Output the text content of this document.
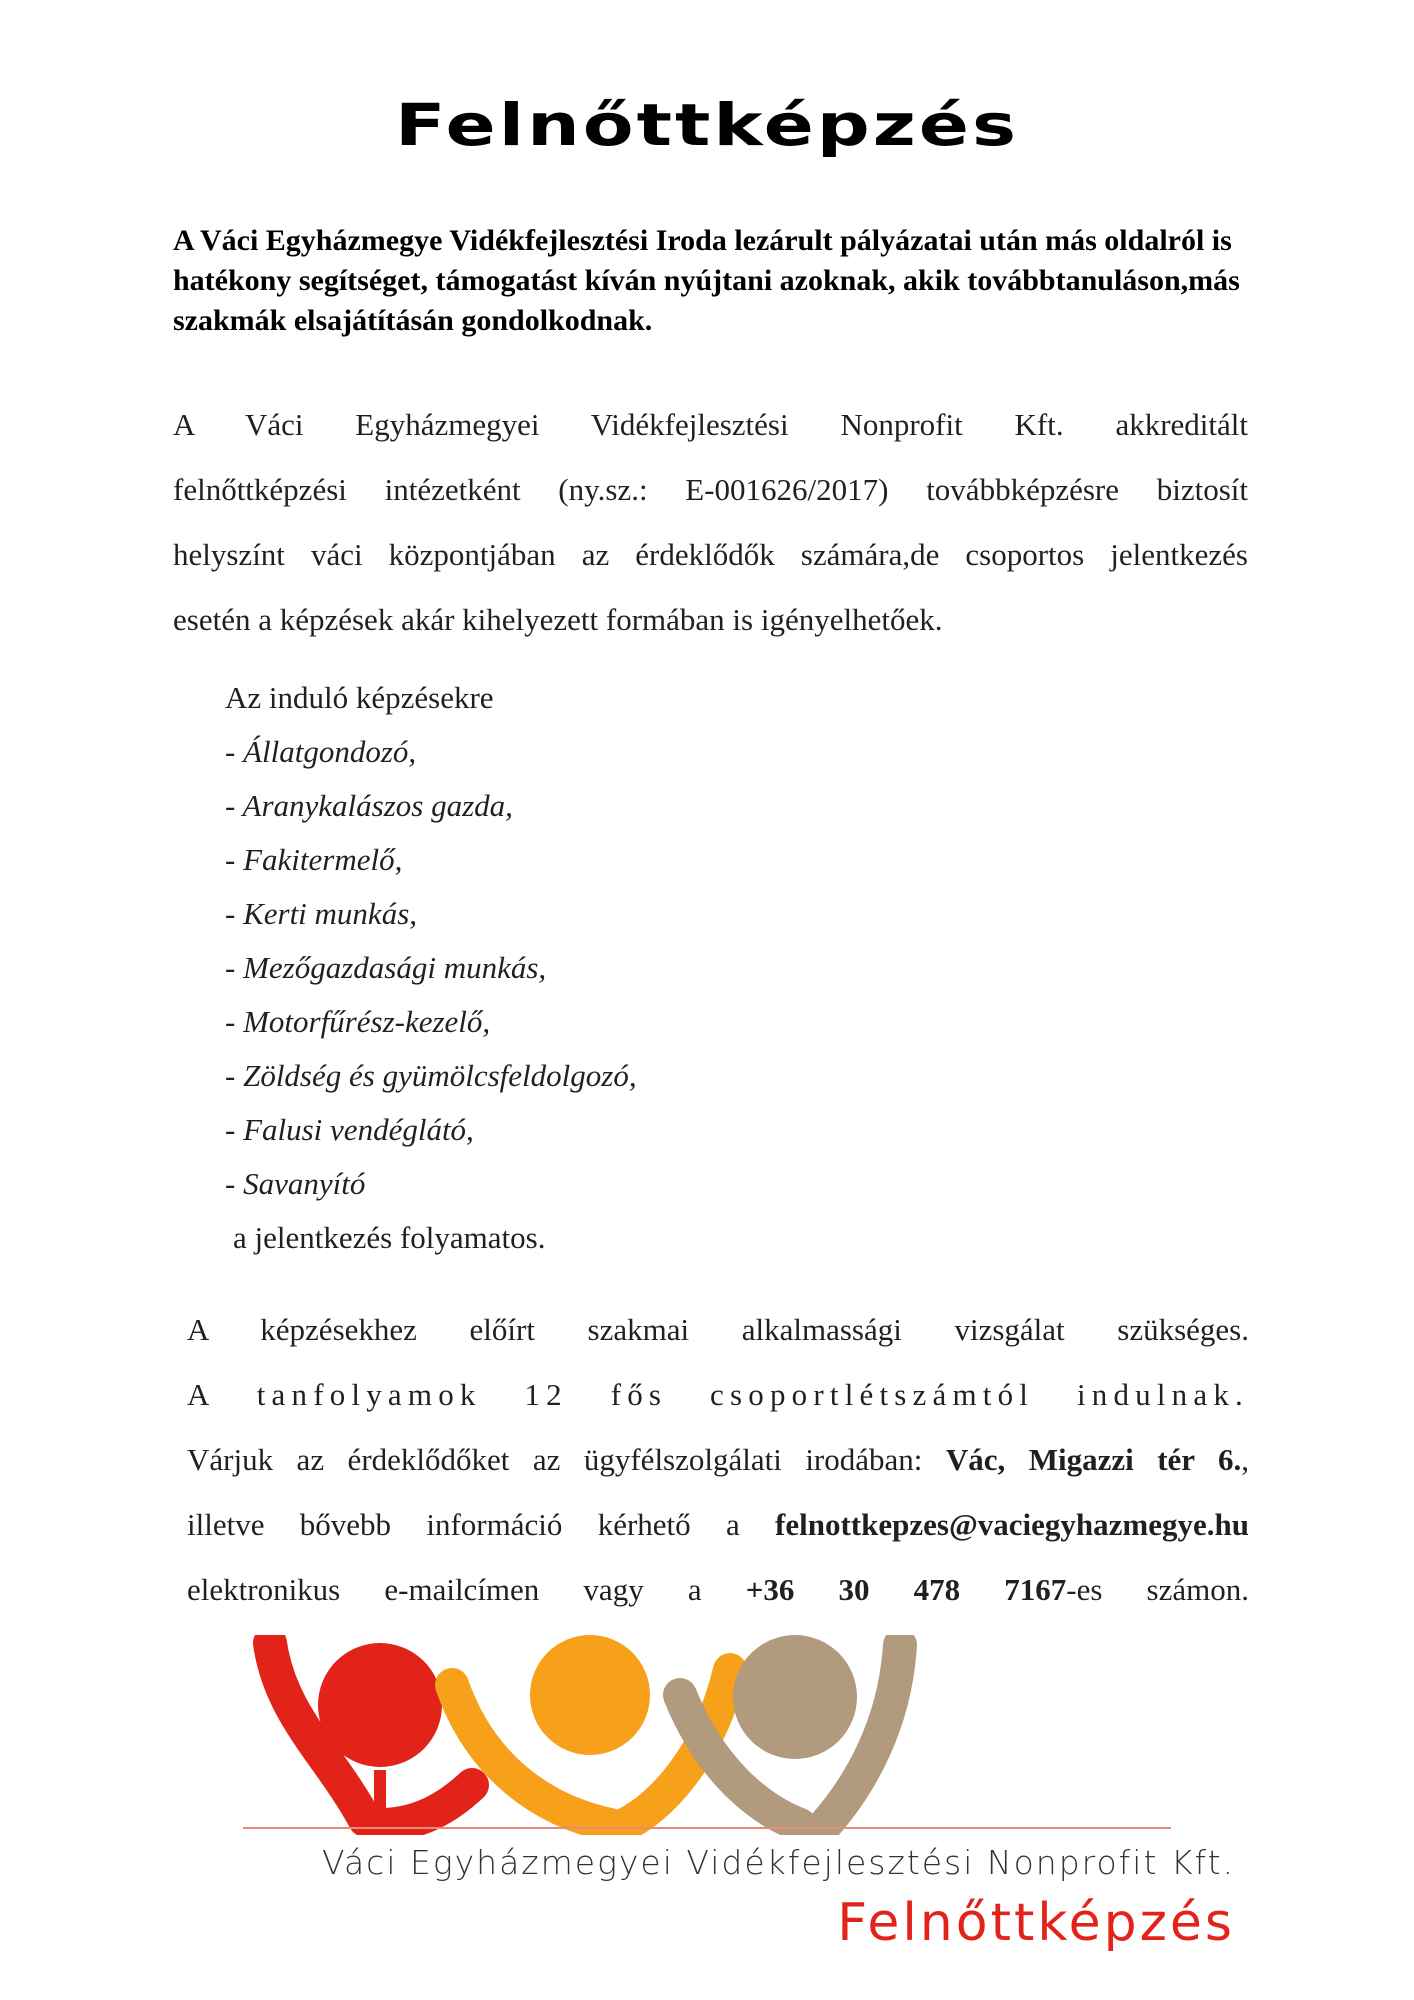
Felnőttképzés
A Váci Egyházmegye Vidékfejlesztési Iroda lezárult pályázatai után más oldalról is hatékony segítséget, támogatást kíván nyújtani azoknak, akik továbbtanuláson,más szakmák elsajátításán gondolkodnak.
A Váci Egyházmegyei Vidékfejlesztési Nonprofit Kft. akkreditált
felnőttképzési intézetként (ny.sz.: E-001626/2017) továbbképzésre biztosít
helyszínt váci központjában az érdeklődők számára,de csoportos jelentkezés
esetén a képzések akár kihelyezett formában is igényelhetőek.
Az induló képzésekre
- Állatgondozó,
- Aranykalászos gazda,
- Fakitermelő,
- Kerti munkás,
- Mezőgazdasági munkás,
- Motorfűrész-kezelő,
- Zöldség és gyümölcsfeldolgozó,
- Falusi vendéglátó,
- Savanyító
a jelentkezés folyamatos.
A képzésekhez előírt szakmai alkalmassági vizsgálat szükséges.
A tanfolyamok 12 fős csoportlétszámtól indulnak.
Várjuk az érdeklődőket az ügyfélszolgálati irodában: Vác, Migazzi tér 6.,
illetve bővebb információ kérhető a felnottkepzes@vaciegyhazmegye.hu
elektronikus e-mailcímen vagy a +36 30 478 7167-es számon.
Váci Egyházmegyei Vidékfejlesztési Nonprofit Kft.
Felnőttképzés
